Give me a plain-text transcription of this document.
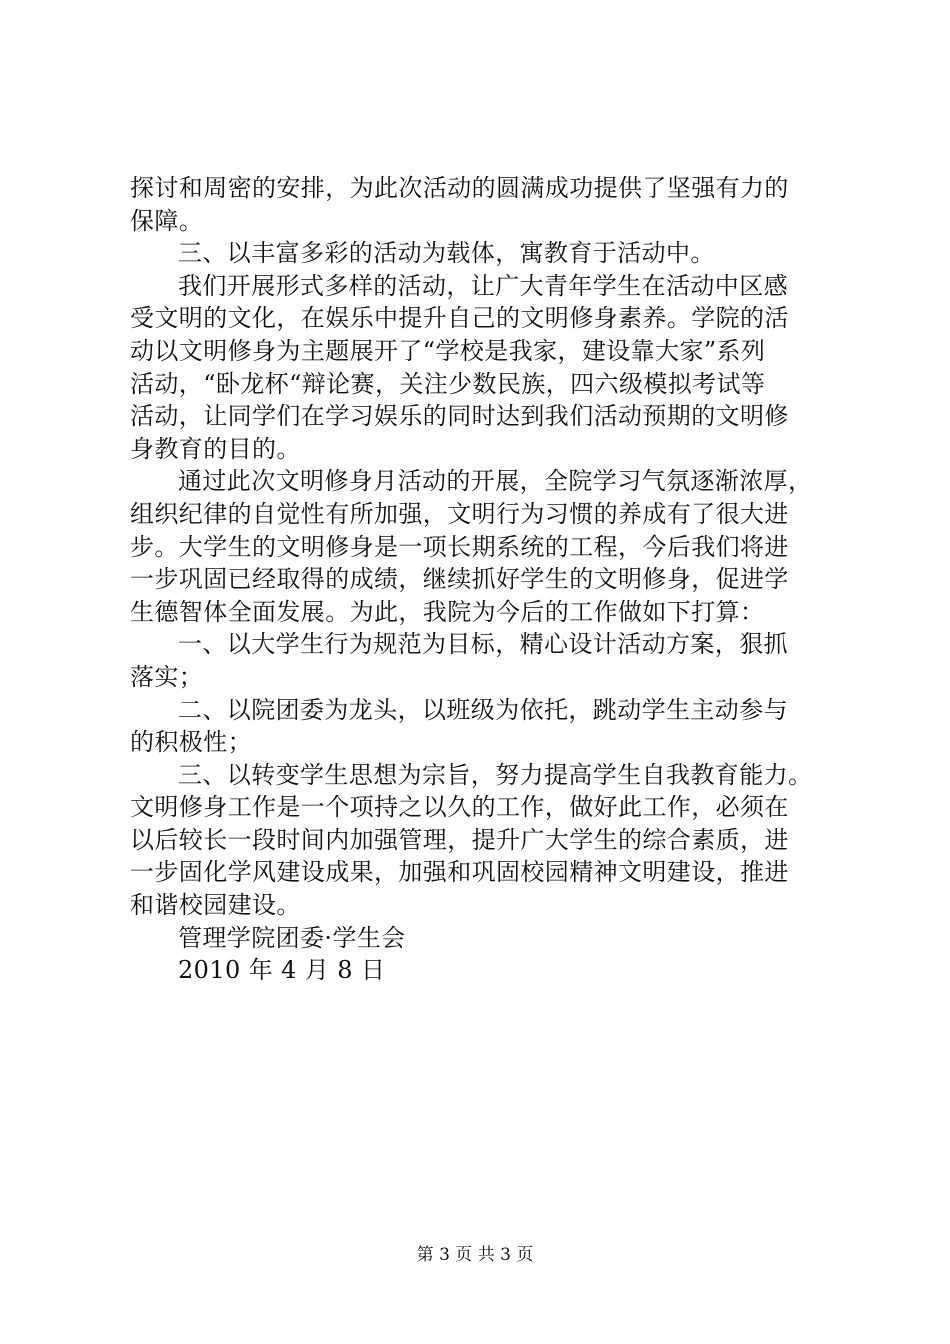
探讨和周密的安排，为此次活动的圆满成功提供了坚强有力的
保障。
三、以丰富多彩的活动为载体，寓教育于活动中。
我们开展形式多样的活动，让广大青年学生在活动中区感
受文明的文化，在娱乐中提升自己的文明修身素养。学院的活
动以文明修身为主题展开了“学校是我家，建设靠大家”系列
活动，“卧龙杯“辩论赛，关注少数民族，四六级模拟考试等
活动，让同学们在学习娱乐的同时达到我们活动预期的文明修
身教育的目的。
通过此次文明修身月活动的开展，全院学习气氛逐渐浓厚，
组织纪律的自觉性有所加强，文明行为习惯的养成有了很大进
步。大学生的文明修身是一项长期系统的工程，今后我们将进
一步巩固已经取得的成绩，继续抓好学生的文明修身，促进学
生德智体全面发展。为此，我院为今后的工作做如下打算：
一、以大学生行为规范为目标，精心设计活动方案，狠抓
落实；
二、以院团委为龙头，以班级为依托，跳动学生主动参与
的积极性；
三、以转变学生思想为宗旨，努力提高学生自我教育能力。
文明修身工作是一个项持之以久的工作，做好此工作，必须在
以后较长一段时间内加强管理，提升广大学生的综合素质，进
一步固化学风建设成果，加强和巩固校园精神文明建设，推进
和谐校园建设。
管理学院团委·学生会
2010 年 4 月 8 日
第 3 页 共 3 页
